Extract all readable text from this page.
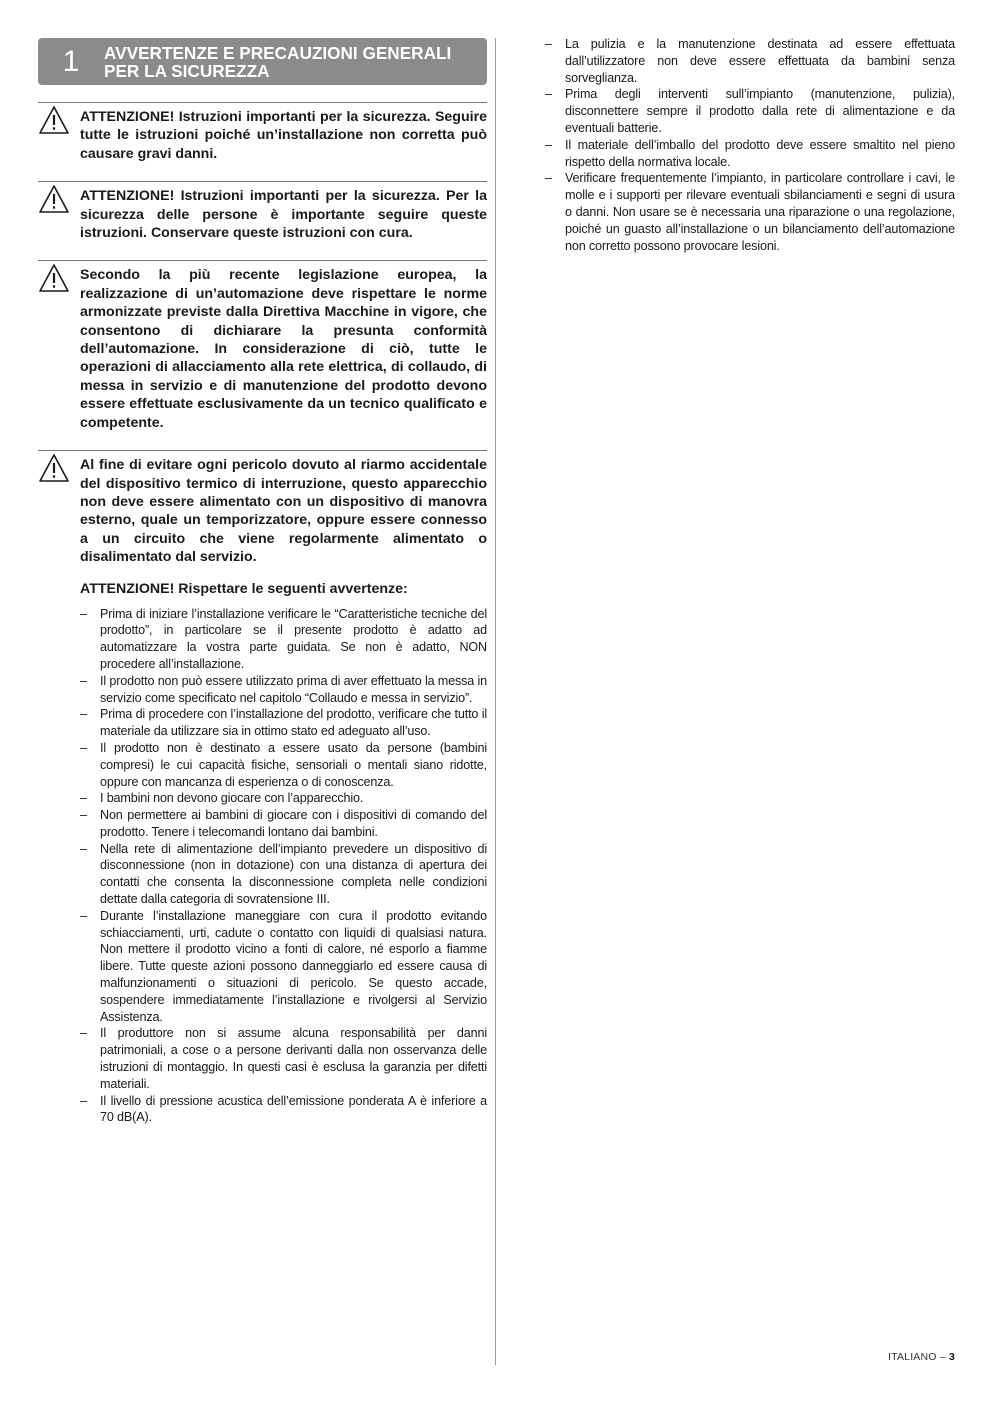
1	AVVERTENZE E PRECAUZIONI GENERALI
PER LA SICUREZZA
ATTENZIONE! Istruzioni importanti per la sicurezza. Seguire tutte le istruzioni poiché un’installazione non corretta può causare gravi danni.
ATTENZIONE! Istruzioni importanti per la sicurezza. Per la sicurezza delle persone è importante seguire queste istruzioni. Conservare queste istruzioni con cura.
Secondo la più recente legislazione europea, la realizzazione di un’automazione deve rispettare le norme armonizzate previste dalla Direttiva Macchine in vigore, che consentono di dichiarare la presunta conformità dell’automazione. In considerazione di ciò, tutte le operazioni di allacciamento alla rete elettrica, di collaudo, di messa in servizio e di manutenzione del prodotto devono essere effettuate esclusivamente da un tecnico qualificato e competente.
Al fine di evitare ogni pericolo dovuto al riarmo accidentale del dispositivo termico di interruzione, questo apparecchio non deve essere alimentato con un dispositivo di manovra esterno, quale un temporizzatore, oppure essere connesso a un circuito che viene regolarmente alimentato o disalimentato dal servizio.
ATTENZIONE! Rispettare le seguenti avvertenze:
– Prima di iniziare l’installazione verificare le “Caratteristiche tecniche del prodotto”, in particolare se il presente prodotto è adatto ad automatizzare la vostra parte guidata. Se non è adatto, NON procedere all’installazione.
– Il prodotto non può essere utilizzato prima di aver effettuato la messa in servizio come specificato nel capitolo “Collaudo e messa in servizio”.
– Prima di procedere con l’installazione del prodotto, verificare che tutto il materiale da utilizzare sia in ottimo stato ed adeguato all’uso.
– Il prodotto non è destinato a essere usato da persone (bambini compresi) le cui capacità fisiche, sensoriali o mentali siano ridotte, oppure con mancanza di esperienza o di conoscenza.
– I bambini non devono giocare con l’apparecchio.
– Non permettere ai bambini di giocare con i dispositivi di comando del prodotto. Tenere i telecomandi lontano dai bambini.
– Nella rete di alimentazione dell’impianto prevedere un dispositivo di disconnessione (non in dotazione) con una distanza di apertura dei contatti che consenta la disconnessione completa nelle condizioni dettate dalla categoria di sovratensione III.
– Durante l’installazione maneggiare con cura il prodotto evitando schiacciamenti, urti, cadute o contatto con liquidi di qualsiasi natura. Non mettere il prodotto vicino a fonti di calore, né esporlo a fiamme libere. Tutte queste azioni possono danneggiarlo ed essere causa di malfunzionamenti o situazioni di pericolo. Se questo accade, sospendere immediatamente l’installazione e rivolgersi al Servizio Assistenza.
– Il produttore non si assume alcuna responsabilità per danni patrimoniali, a cose o a persone derivanti dalla non osservanza delle istruzioni di montaggio. In questi casi è esclusa la garanzia per difetti materiali.
– Il livello di pressione acustica dell’emissione ponderata A è inferiore a 70 dB(A).
– La pulizia e la manutenzione destinata ad essere effettuata dall’utilizzatore non deve essere effettuata da bambini senza sorveglianza.
– Prima degli interventi sull’impianto (manutenzione, pulizia), disconnettere sempre il prodotto dalla rete di alimentazione e da eventuali batterie.
– Il materiale dell’imballo del prodotto deve essere smaltito nel pieno rispetto della normativa locale.
– Verificare frequentemente l’impianto, in particolare controllare i cavi, le molle e i supporti per rilevare eventuali sbilanciamenti e segni di usura o danni. Non usare se è necessaria una riparazione o una regolazione, poiché un guasto all’installazione o un bilanciamento dell’automazione non corretto possono provocare lesioni.
ITALIANO – 3
